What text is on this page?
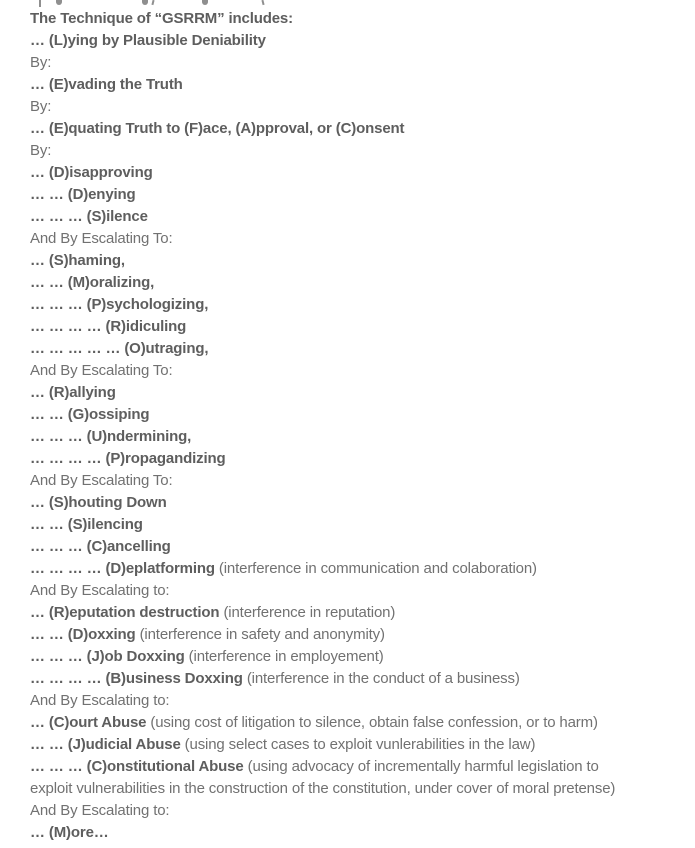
The Technique of “GSRRM” includes:
… (L)ying by Plausible Deniability
By:
… (E)vading the Truth
By:
… (E)quating Truth to (F)ace, (A)pproval, or (C)onsent
By:
… (D)isapproving
… … (D)enying
… … … (S)ilence
And By Escalating To:
… (S)haming,
… … (M)oralizing,
… … … (P)sychologizing,
… … … … (R)idiculing
… … … … … (O)utraging,
And By Escalating To:
… (R)allying
… … (G)ossiping
… … … (U)ndermining,
… … … … (P)ropagandizing
And By Escalating To:
… (S)houting Down
… … (S)ilencing
… … … (C)ancelling
… … … … (D)eplatforming (interference in communication and colaboration)
And By Escalating to:
… (R)eputation destruction (interference in reputation)
… … (D)oxxing (interference in safety and anonymity)
… … … (J)ob Doxxing (interference in employement)
… … … … (B)usiness Doxxing (interference in the conduct of a business)
And By Escalating to:
… (C)ourt Abuse (using cost of litigation to silence, obtain false confession, or to harm)
… … (J)udicial Abuse (using select cases to exploit vunlerabilities in the law)
… … … (C)onstitutional Abuse (using advocacy of incrementally harmful legislation to
exploit vulnerabilities in the construction of the constitution, under cover of moral pretense)
And By Escalating to:
… (M)ore…
